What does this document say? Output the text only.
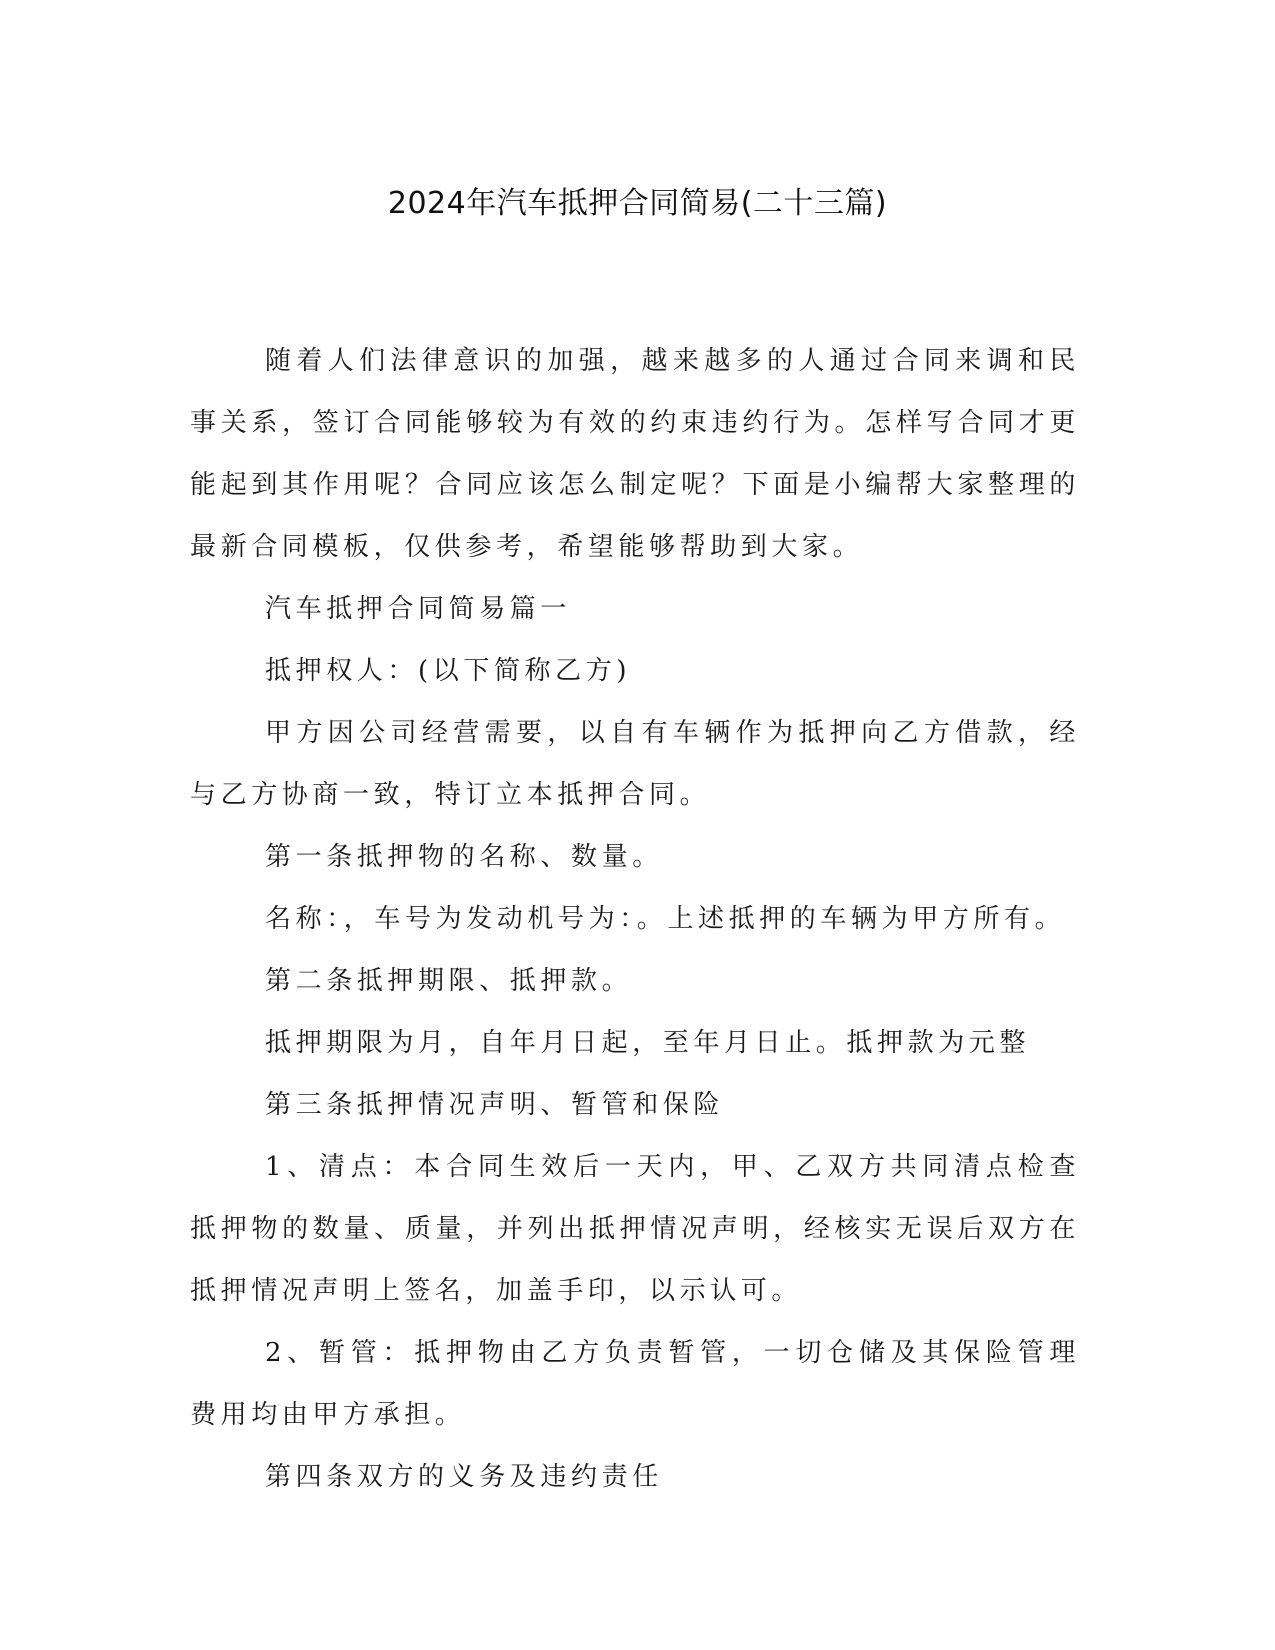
2024年汽车抵押合同简易(二十三篇)

随着人们法律意识的加强，越来越多的人通过合同来调和民事关系，签订合同能够较为有效的约束违约行为。怎样写合同才更能起到其作用呢？合同应该怎么制定呢？下面是小编帮大家整理的最新合同模板，仅供参考，希望能够帮助到大家。

汽车抵押合同简易篇一

抵押权人：(以下简称乙方)

甲方因公司经营需要，以自有车辆作为抵押向乙方借款，经与乙方协商一致，特订立本抵押合同。

第一条抵押物的名称、数量。

名称：，车号为发动机号为：。上述抵押的车辆为甲方所有。

第二条抵押期限、抵押款。

抵押期限为月，自年月日起，至年月日止。抵押款为元整

第三条抵押情况声明、暂管和保险

1、清点：本合同生效后一天内，甲、乙双方共同清点检查抵押物的数量、质量，并列出抵押情况声明，经核实无误后双方在抵押情况声明上签名，加盖手印，以示认可。

2、暂管：抵押物由乙方负责暂管，一切仓储及其保险管理费用均由甲方承担。

第四条双方的义务及违约责任
